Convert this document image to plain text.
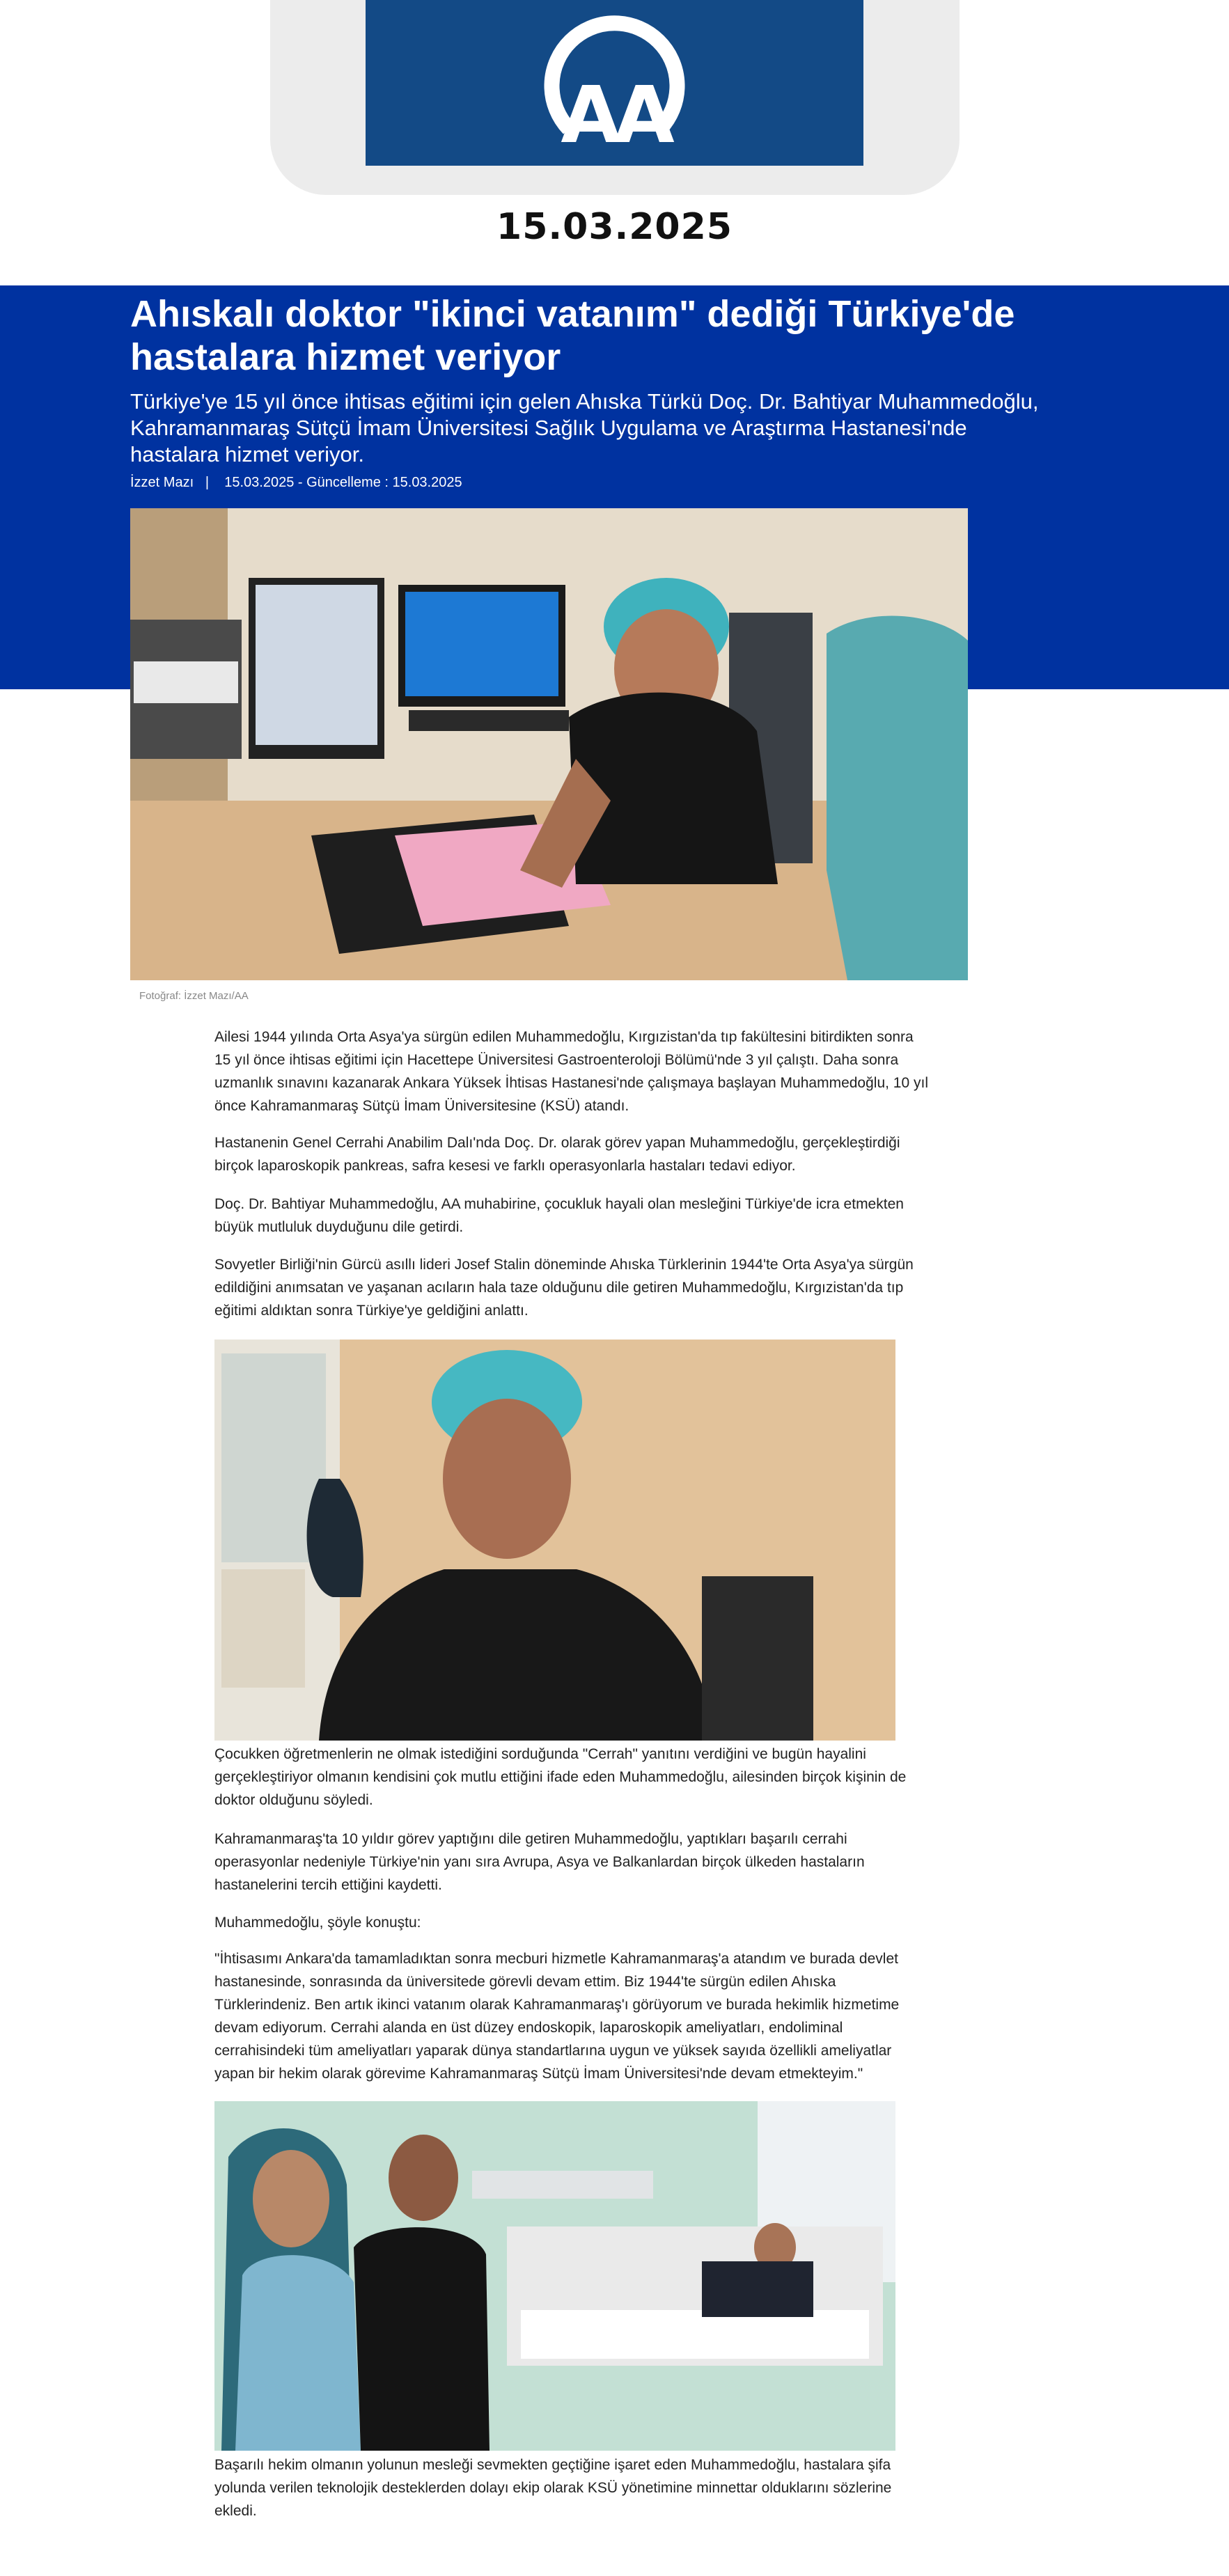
AA
15.03.2025
Ahıskalı doktor "ikinci vatanım" dediği Türkiye'de hastalara hizmet veriyor

Türkiye'ye 15 yıl önce ihtisas eğitimi için gelen Ahıska Türkü Doç. Dr. Bahtiyar Muhammedoğlu, Kahramanmaraş Sütçü İmam Üniversitesi Sağlık Uygulama ve Araştırma Hastanesi'nde hastalara hizmet veriyor.

İzzet Mazı | 15.03.2025 - Güncelleme : 15.03.2025
Fotoğraf: İzzet Mazı/AA

Ailesi 1944 yılında Orta Asya'ya sürgün edilen Muhammedoğlu, Kırgızistan'da tıp fakültesini bitirdikten sonra 15 yıl önce ihtisas eğitimi için Hacettepe Üniversitesi Gastroenteroloji Bölümü'nde 3 yıl çalıştı. Daha sonra uzmanlık sınavını kazanarak Ankara Yüksek İhtisas Hastanesi'nde çalışmaya başlayan Muhammedoğlu, 10 yıl önce Kahramanmaraş Sütçü İmam Üniversitesine (KSÜ) atandı.

Hastanenin Genel Cerrahi Anabilim Dalı'nda Doç. Dr. olarak görev yapan Muhammedoğlu, gerçekleştirdiği birçok laparoskopik pankreas, safra kesesi ve farklı operasyonlarla hastaları tedavi ediyor.

Doç. Dr. Bahtiyar Muhammedoğlu, AA muhabirine, çocukluk hayali olan mesleğini Türkiye'de icra etmekten büyük mutluluk duyduğunu dile getirdi.

Sovyetler Birliği'nin Gürcü asıllı lideri Josef Stalin döneminde Ahıska Türklerinin 1944'te Orta Asya'ya sürgün edildiğini anımsatan ve yaşanan acıların hala taze olduğunu dile getiren Muhammedoğlu, Kırgızistan'da tıp eğitimi aldıktan sonra Türkiye'ye geldiğini anlattı.

Çocukken öğretmenlerin ne olmak istediğini sorduğunda "Cerrah" yanıtını verdiğini ve bugün hayalini gerçekleştiriyor olmanın kendisini çok mutlu ettiğini ifade eden Muhammedoğlu, ailesinden birçok kişinin de doktor olduğunu söyledi.

Kahramanmaraş'ta 10 yıldır görev yaptığını dile getiren Muhammedoğlu, yaptıkları başarılı cerrahi operasyonlar nedeniyle Türkiye'nin yanı sıra Avrupa, Asya ve Balkanlardan birçok ülkeden hastaların hastanelerini tercih ettiğini kaydetti.

Muhammedoğlu, şöyle konuştu:

"İhtisasımı Ankara'da tamamladıktan sonra mecburi hizmetle Kahramanmaraş'a atandım ve burada devlet hastanesinde, sonrasında da üniversitede görevli devam ettim. Biz 1944'te sürgün edilen Ahıska Türklerindeniz. Ben artık ikinci vatanım olarak Kahramanmaraş'ı görüyorum ve burada hekimlik hizmetime devam ediyorum. Cerrahi alanda en üst düzey endoskopik, laparoskopik ameliyatları, endoliminal cerrahisindeki tüm ameliyatları yaparak dünya standartlarına uygun ve yüksek sayıda özellikli ameliyatlar yapan bir hekim olarak görevime Kahramanmaraş Sütçü İmam Üniversitesi'nde devam etmekteyim."

Başarılı hekim olmanın yolunun mesleği sevmekten geçtiğine işaret eden Muhammedoğlu, hastalara şifa yolunda verilen teknolojik desteklerden dolayı ekip olarak KSÜ yönetimine minnettar olduklarını sözlerine ekledi.
